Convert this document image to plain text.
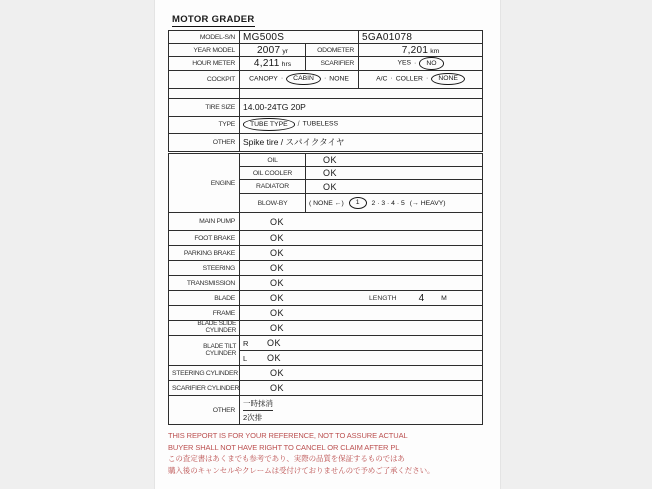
MOTOR GRADER
MODEL-S/N	MG500S		5GA01078
YEAR MODEL	2007 yr	ODOMETER	7,201 km
HOUR METER	4,211 hrs	SCARIFIER	YES · NO
COCKPIT	CANOPY · CABIN · NONE		A/C · COLLER · NONE

TIRE SIZE	14.00-24TG 20P		
TYPE	TUBE TYPE / TUBELESS		
OTHER	Spike tire / スパイクタイヤ		
ENGINE	OIL	OK
	OIL COOLER	OK
	RADIATOR	OK
	BLOW-BY	( NONE ←) 1 2 · 3 · 4 · 5 (→ HEAVY)

MAIN PUMP	OK	
FOOT BRAKE	OK	
PARKING BRAKE	OK	
STEERING	OK	
TRANSMISSION	OK	
BLADE	OK LENGTH 4 M	

FRAME	OK	

BLADE SLIDE
CYLINDER	OK	

BLADE TILT
CYLINDER

R	OK

	L OK	

STEERING CYLINDER	OK	
SCARIFIER CYLINDER	OK	
OTHER	一時抹消
2次排	
THIS REPORT IS FOR YOUR REFERENCE, NOT TO ASSURE ACTUAL
BUYER SHALL NOT HAVE RIGHT TO CANCEL OR CLAIM AFTER PL
この査定書はあくまでも参考であり、実際の品質を保証するものではあ
購入後のキャンセルやクレームは受付けておりませんので予めご了承ください。
